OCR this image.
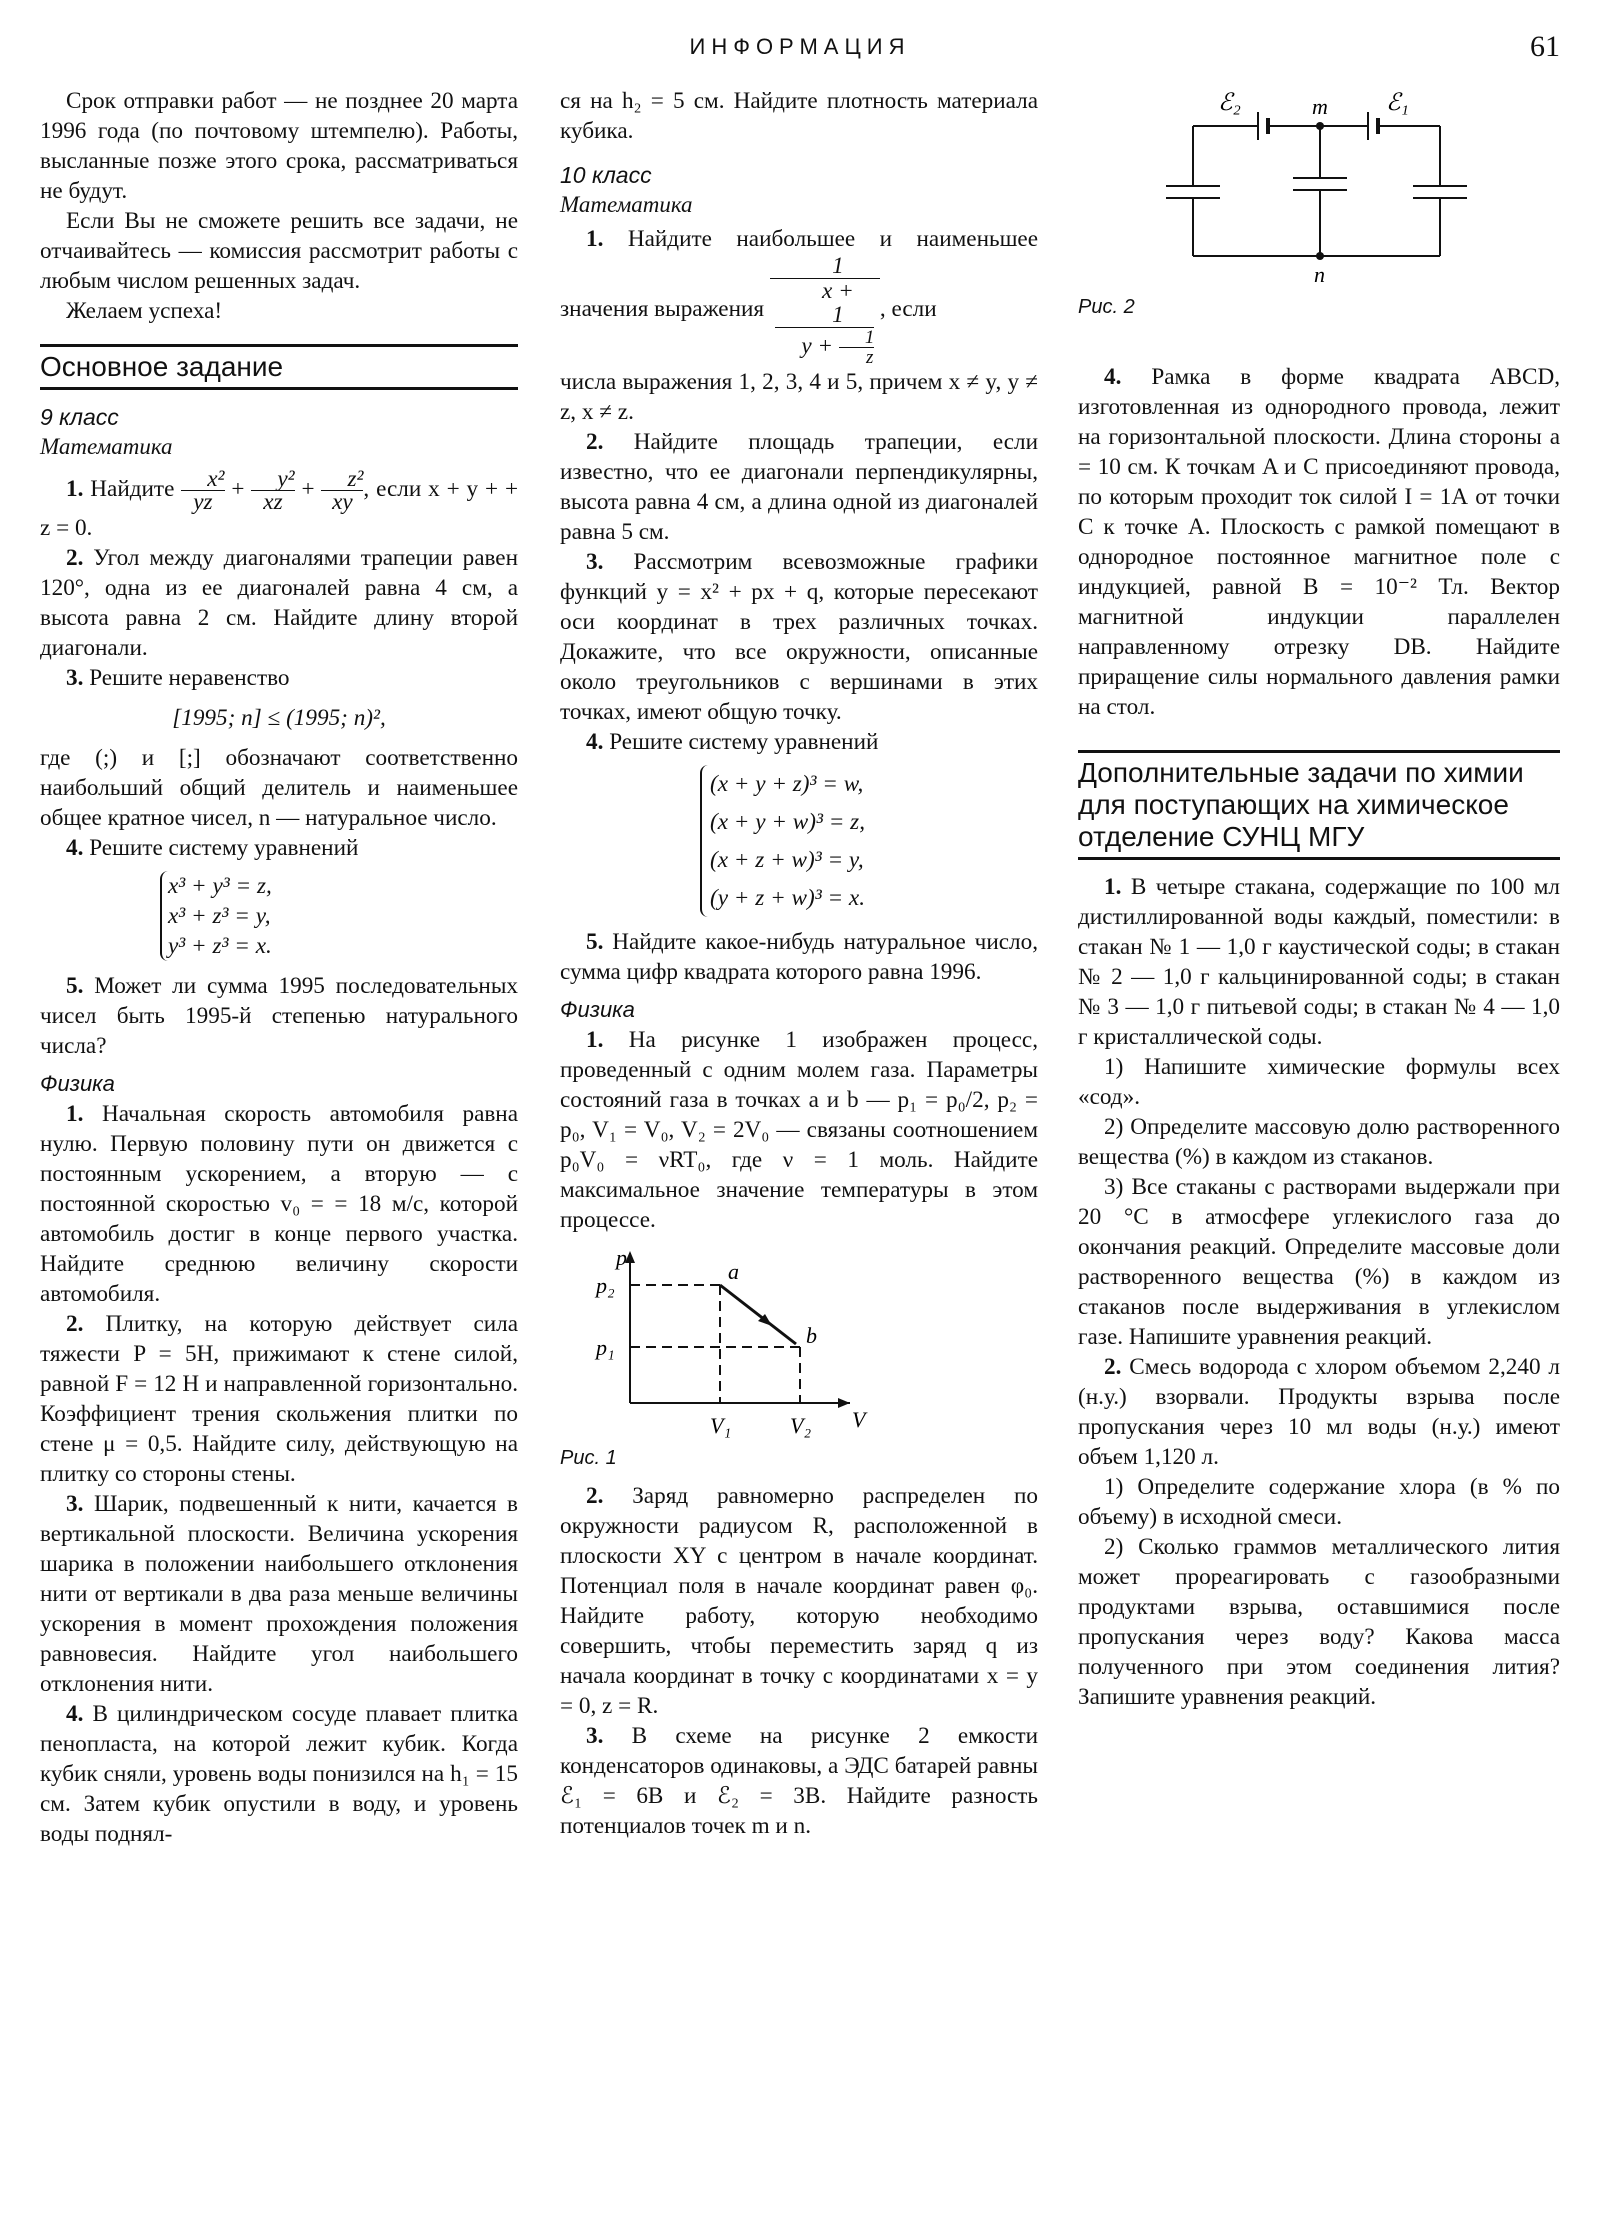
ИНФОРМАЦИЯ	61

Срок отправки работ — не позднее 20 марта 1996 года (по почтовому штемпелю). Работы, высланные позже этого срока, рассматриваться не будут.

Если Вы не сможете решить все задачи, не отчаивайтесь — комиссия рассмотрит работы с любым числом решенных задач.

Желаем успеха!

Основное задание
9 класс
Математика

1. Найдите $\frac{\text{x²}}{yz} + \frac{\text{y²}}{xz} + \frac{\text{z²}}{xy}$, если x + y + + z = 0.

2. Угол между диагоналями трапеции равен 120°, одна из ее диагоналей равна 4 см, а высота равна 2 см. Найдите длину второй диагонали.

3. Решите неравенство

[1995; n] ≤ (1995; n)²,

где (;) и [;] обозначают соответственно наибольший общий делитель и наименьшее общее кратное чисел, n — натуральное число.

4. Решите систему уравнений

x³ + y³ = z,
x³ + z³ = y,
y³ + z³ = x.

5. Может ли сумма 1995 последовательных чисел быть 1995-й степенью натурального числа?

Физика

1. Начальная скорость автомобиля равна нулю. Первую половину пути он движется с постоянным ускорением, а вторую — с постоянной скоростью v₀ = = 18 м/с, которой автомобиль достиг в конце первого участка. Найдите среднюю величину скорости автомобиля.

2. Плитку, на которую действует сила тяжести P = 5Н, прижимают к стене силой, равной F = 12 Н и направленной горизонтально. Коэффициент трения скольжения плитки по стене μ = 0,5. Найдите силу, действующую на плитку со стороны стены.

3. Шарик, подвешенный к нити, качается в вертикальной плоскости. Величина ускорения шарика в положении наибольшего отклонения нити от вертикали в два раза меньше величины ускорения в момент прохождения положения равновесия. Найдите угол наибольшего отклонения нити.

4. В цилиндрическом сосуде плавает плитка пенопласта, на которой лежит кубик. Когда кубик сняли, уровень воды понизился на h₁ = 15 см. Затем кубик опустили в воду, и уровень воды поднял-

ся на h₂ = 5 см. Найдите плотность материала кубика.

10 класс
Математика

1. Найдите наибольшее и наименьшее значения выражения 1
x +
$\frac{1}{y + \frac{1}{z}}$ , если

числа выражения 1, 2, 3, 4 и 5, причем x ≠ y, y ≠ z, x ≠ z.

2. Найдите площадь трапеции, если известно, что ее диагонали перпендикулярны, высота равна 4 см, а длина одной из диагоналей равна 5 см.

3. Рассмотрим всевозможные графики функций y = x² + px + q, которые пересекают оси координат в трех различных точках. Докажите, что все окружности, описанные около треугольников с вершинами в этих точках, имеют общую точку.

4. Решите систему уравнений

(x + y + z)³ = w,
(x + y + w)³ = z,
(x + z + w)³ = y,
(y + z + w)³ = x.

5. Найдите какое-нибудь натуральное число, сумма цифр квадрата которого равна 1996.

Физика

1. На рисунке 1 изображен процесс, проведенный с одним молем газа. Параметры состояний газа в точках a и b — p₁ = p₀/2, p₂ = p₀, V₁ = V₀, V₂ = 2V₀ — связаны соотношением p₀V₀ = νRT₀, где ν = 1 моль. Найдите максимальное значение температуры в этом процессе.

p
p₂
p₁
a
b
V₁	V₂ V
Рис. 1

2. Заряд равномерно распределен по окружности радиусом R, расположенной в плоскости XY с центром в начале координат. Потенциал поля в начале координат равен φ₀. Найдите работу, которую необходимо совершить, чтобы переместить заряд q из начала координат в точку с координатами x = y = 0, z = R.

3. В схеме на рисунке 2 емкости конденсаторов одинаковы, а ЭДС батарей равны ℰ₁ = 6В и ℰ₂ = 3В. Найдите разность потенциалов точек m и n.

ℰ₂	m ℰ₁
n
Рис. 2

4. Рамка в форме квадрата ABCD, изготовленная из однородного провода, лежит на горизонтальной плоскости. Длина стороны a = 10 см. К точкам A и C присоединяют провода, по которым проходит ток силой I = 1А от точки C к точке A. Плоскость с рамкой помещают в однородное постоянное магнитное поле с индукцией, равной B = 10⁻² Тл. Вектор магнитной индукции параллелен направленному отрезку DB. Найдите приращение силы нормального давления рамки на стол.

Дополнительные задачи по химии для поступающих на химическое отделение СУНЦ МГУ

1. В четыре стакана, содержащие по 100 мл дистиллированной воды каждый, поместили: в стакан № 1 — 1,0 г каустической соды; в стакан № 2 — 1,0 г кальцинированной соды; в стакан № 3 — 1,0 г питьевой соды; в стакан № 4 — 1,0 г кристаллической соды.

1) Напишите химические формулы всех «сод».

2) Определите массовую долю растворенного вещества (%) в каждом из стаканов.

3) Все стаканы с растворами выдержали при 20 °С в атмосфере углекислого газа до окончания реакций. Определите массовые доли растворенного вещества (%) в каждом из стаканов после выдерживания в углекислом газе. Напишите уравнения реакций.

2. Смесь водорода с хлором объемом 2,240 л (н.у.) взорвали. Продукты взрыва после пропускания через 10 мл воды (н.у.) имеют объем 1,120 л.

1) Определите содержание хлора (в % по объему) в исходной смеси.

2) Сколько граммов металлического лития может прореагировать с газообразными продуктами взрыва, оставшимися после пропускания через воду? Какова масса полученного при этом соединения лития? Запишите уравнения реакций.
